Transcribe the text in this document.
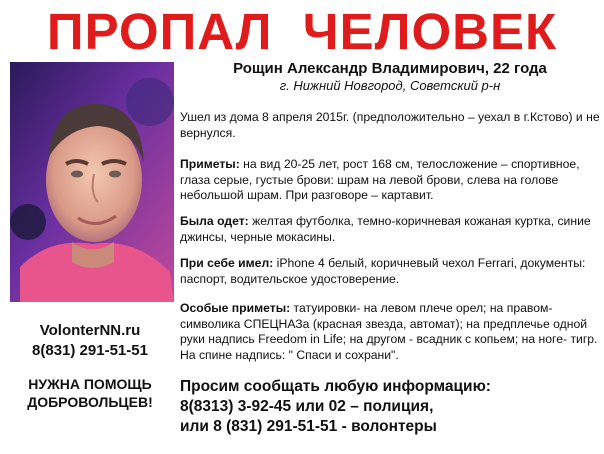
ПРОПАЛ  ЧЕЛОВЕК
Рощин Александр Владимирович, 22 года
г. Нижний Новгород, Советский р-н
Ушел из дома 8 апреля 2015г. (предположительно – уехал в г.Кстово) и не вернулся.
Приметы: на вид 20-25 лет, рост 168 см, телосложение – спортивное, глаза серые, густые брови: шрам на левой брови, слева на голове небольшой шрам. При разговоре – картавит.
Была одет: желтая футболка, темно-коричневая кожаная куртка, синие джинсы, черные мокасины.
При себе имел: iPhone 4 белый, коричневый чехол Ferrari, документы: паспорт, водительское удостоверение.
Особые приметы: татуировки- на левом плече орел; на правом- символика СПЕЦНАЗа (красная звезда, автомат); на предплечье одной руки надпись Freedom in Life; на другом - всадник с копьем; на ноге- тигр. На спине надпись: " Спаси и сохрани".
VolonterNN.ru
8(831) 291-51-51
НУЖНА ПОМОЩЬ ДОБРОВОЛЬЦЕВ!
Просим сообщать любую информацию:
8(8313) 3-92-45 или 02 – полиция,
или 8 (831) 291-51-51 - волонтеры
